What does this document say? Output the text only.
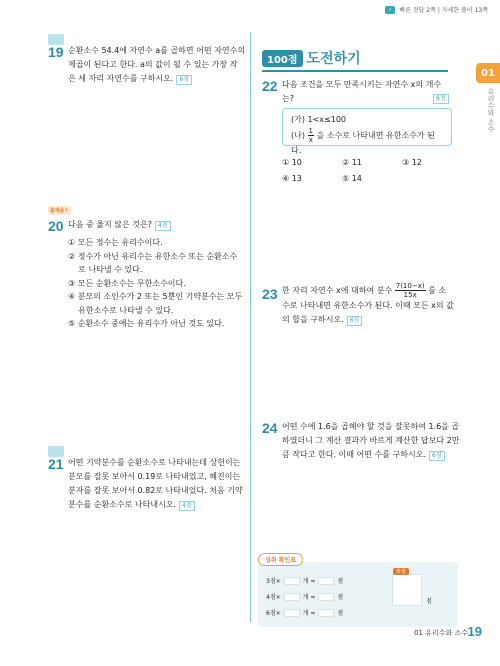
✓	빠른 정답 2쪽 | 자세한 풀이 13쪽
01
유리수와 소수
19 순환소수 54.4̇에 자연수 a를 곱하면 어떤 자연수의
제곱이 된다고 한다. a의 값이 될 수 있는 가장 작
은 세 자리 자연수를 구하시오. 6점
출제율↑
20 다음 중 옳지 않은 것은? 4점
① 모든 정수는 유리수이다.
② 정수가 아닌 유리수는 유한소수 또는 순환소수
로 나타낼 수 있다.
③ 모든 순환소수는 무한소수이다.
④ 분모의 소인수가 2 또는 5뿐인 기약분수는 모두
유한소수로 나타낼 수 있다.
⑤ 순환소수 중에는 유리수가 아닌 것도 있다.
21 어떤 기약분수를 순환소수로 나타내는데 상헌이는
분모를 잘못 보아서 0.1̇9̇로 나타내었고, 혜진이는
분자를 잘못 보아서 0.8̇2̇로 나타내었다. 처음 기약
분수를 순환소수로 나타내시오. 4점
100점 도전하기
22 다음 조건을 모두 만족시키는 자연수 x의 개수는?	6점
(가) 1<x≤100
(나) $\frac{1}{x}$ 을 소수로 나타내면 유한소수가 된다.
① 10	② 11	③ 12
④ 13	⑤ 14
23 한 자리 자연수 x에 대하여 분수 $\frac{7(10-x)}{15x}$ 를 소
수로 나타내면 유한소수가 된다. 이때 모든 x의 값
의 합을 구하시오. 6점
24 어떤 수에 1.6̇을 곱해야 할 것을 잘못하여 1.6을 곱
하였더니 그 계산 결과가 바르게 계산한 답보다 2만
큼 작다고 한다. 이때 어떤 수를 구하시오. 6점
성취 확인표
3점×	개 =	점
4점×	개 =	점
6점×	개 =	점
총점
점
01 유리수와 소수 19
